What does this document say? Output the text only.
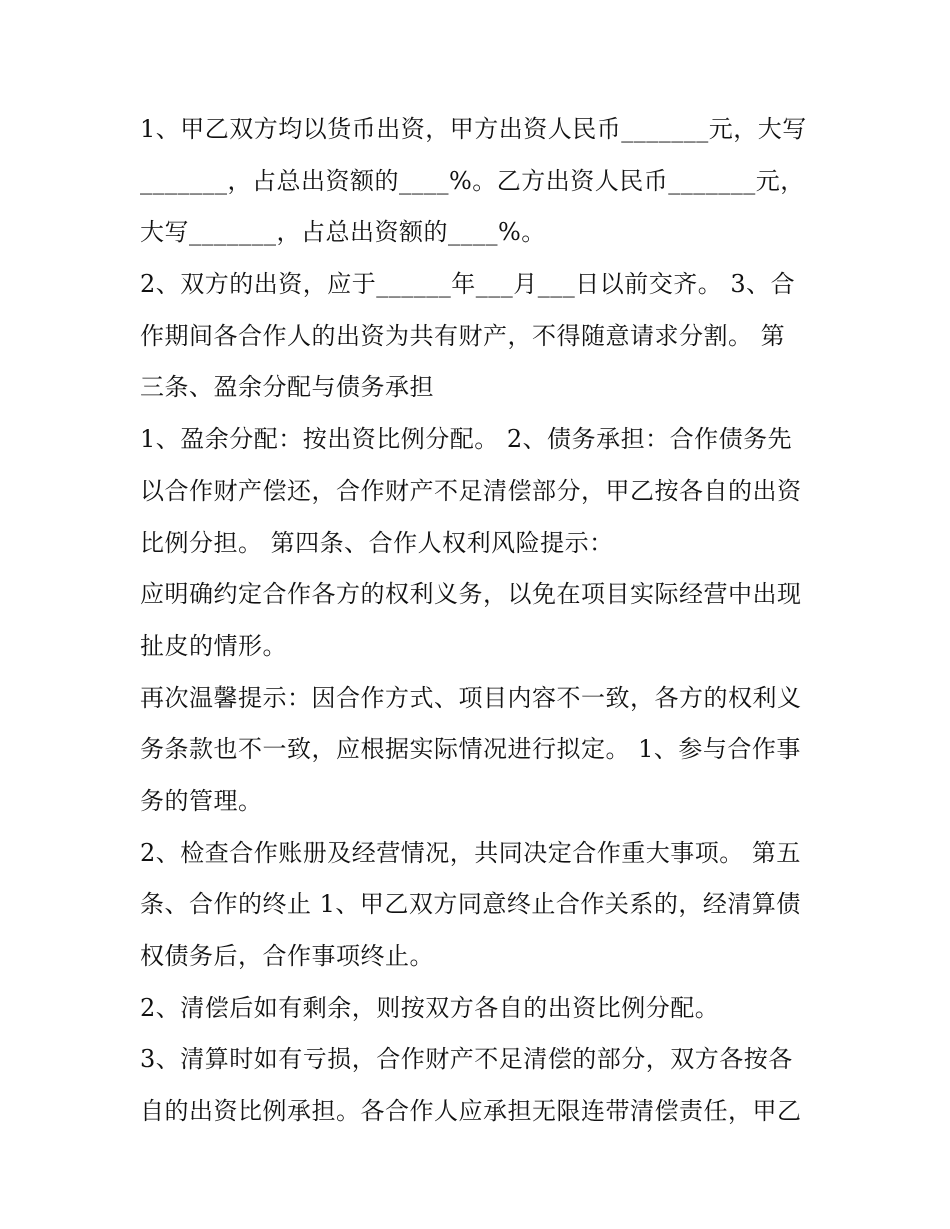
1、甲乙双方均以货币出资，甲方出资人民币_______元，大写
_______，占总出资额的____%。乙方出资人民币_______元，
大写_______，占总出资额的____%。
2、双方的出资，应于______年___月___日以前交齐。 3、合
作期间各合作人的出资为共有财产，不得随意请求分割。 第
三条、盈余分配与债务承担
1、盈余分配：按出资比例分配。 2、债务承担：合作债务先
以合作财产偿还，合作财产不足清偿部分，甲乙按各自的出资
比例分担。 第四条、合作人权利风险提示：
应明确约定合作各方的权利义务，以免在项目实际经营中出现
扯皮的情形。
再次温馨提示：因合作方式、项目内容不一致，各方的权利义
务条款也不一致，应根据实际情况进行拟定。 1、参与合作事
务的管理。
2、检查合作账册及经营情况，共同决定合作重大事项。 第五
条、合作的终止 1、甲乙双方同意终止合作关系的，经清算债
权债务后，合作事项终止。
2、清偿后如有剩余，则按双方各自的出资比例分配。
3、清算时如有亏损，合作财产不足清偿的部分，双方各按各
自的出资比例承担。各合作人应承担无限连带清偿责任，甲乙
